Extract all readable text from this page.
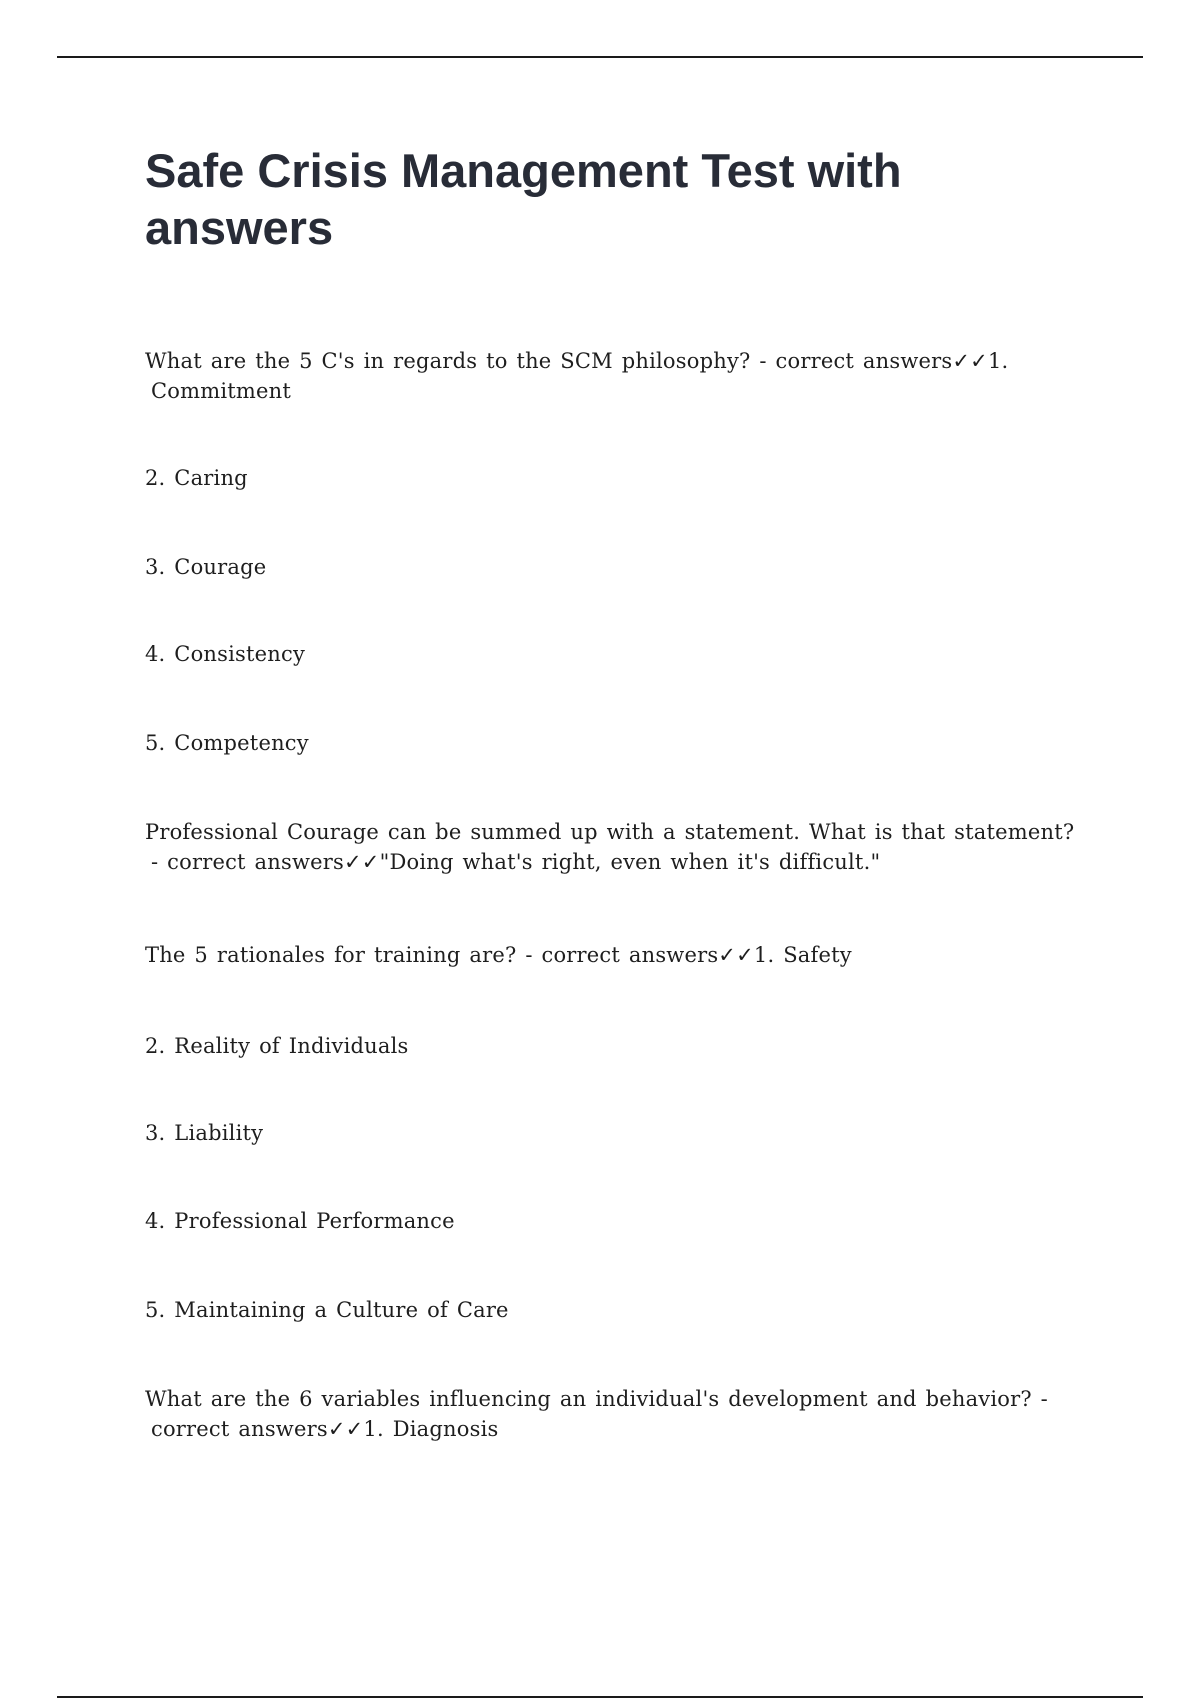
Safe Crisis Management Test with answers

What are the 5 C's in regards to the SCM philosophy? - correct answers✓✓1.
Commitment

2. Caring

3. Courage

4. Consistency

5. Competency

Professional Courage can be summed up with a statement. What is that statement?
- correct answers✓✓"Doing what's right, even when it's difficult."

The 5 rationales for training are? - correct answers✓✓1. Safety

2. Reality of Individuals

3. Liability

4. Professional Performance

5. Maintaining a Culture of Care

What are the 6 variables influencing an individual's development and behavior? -
correct answers✓✓1. Diagnosis
